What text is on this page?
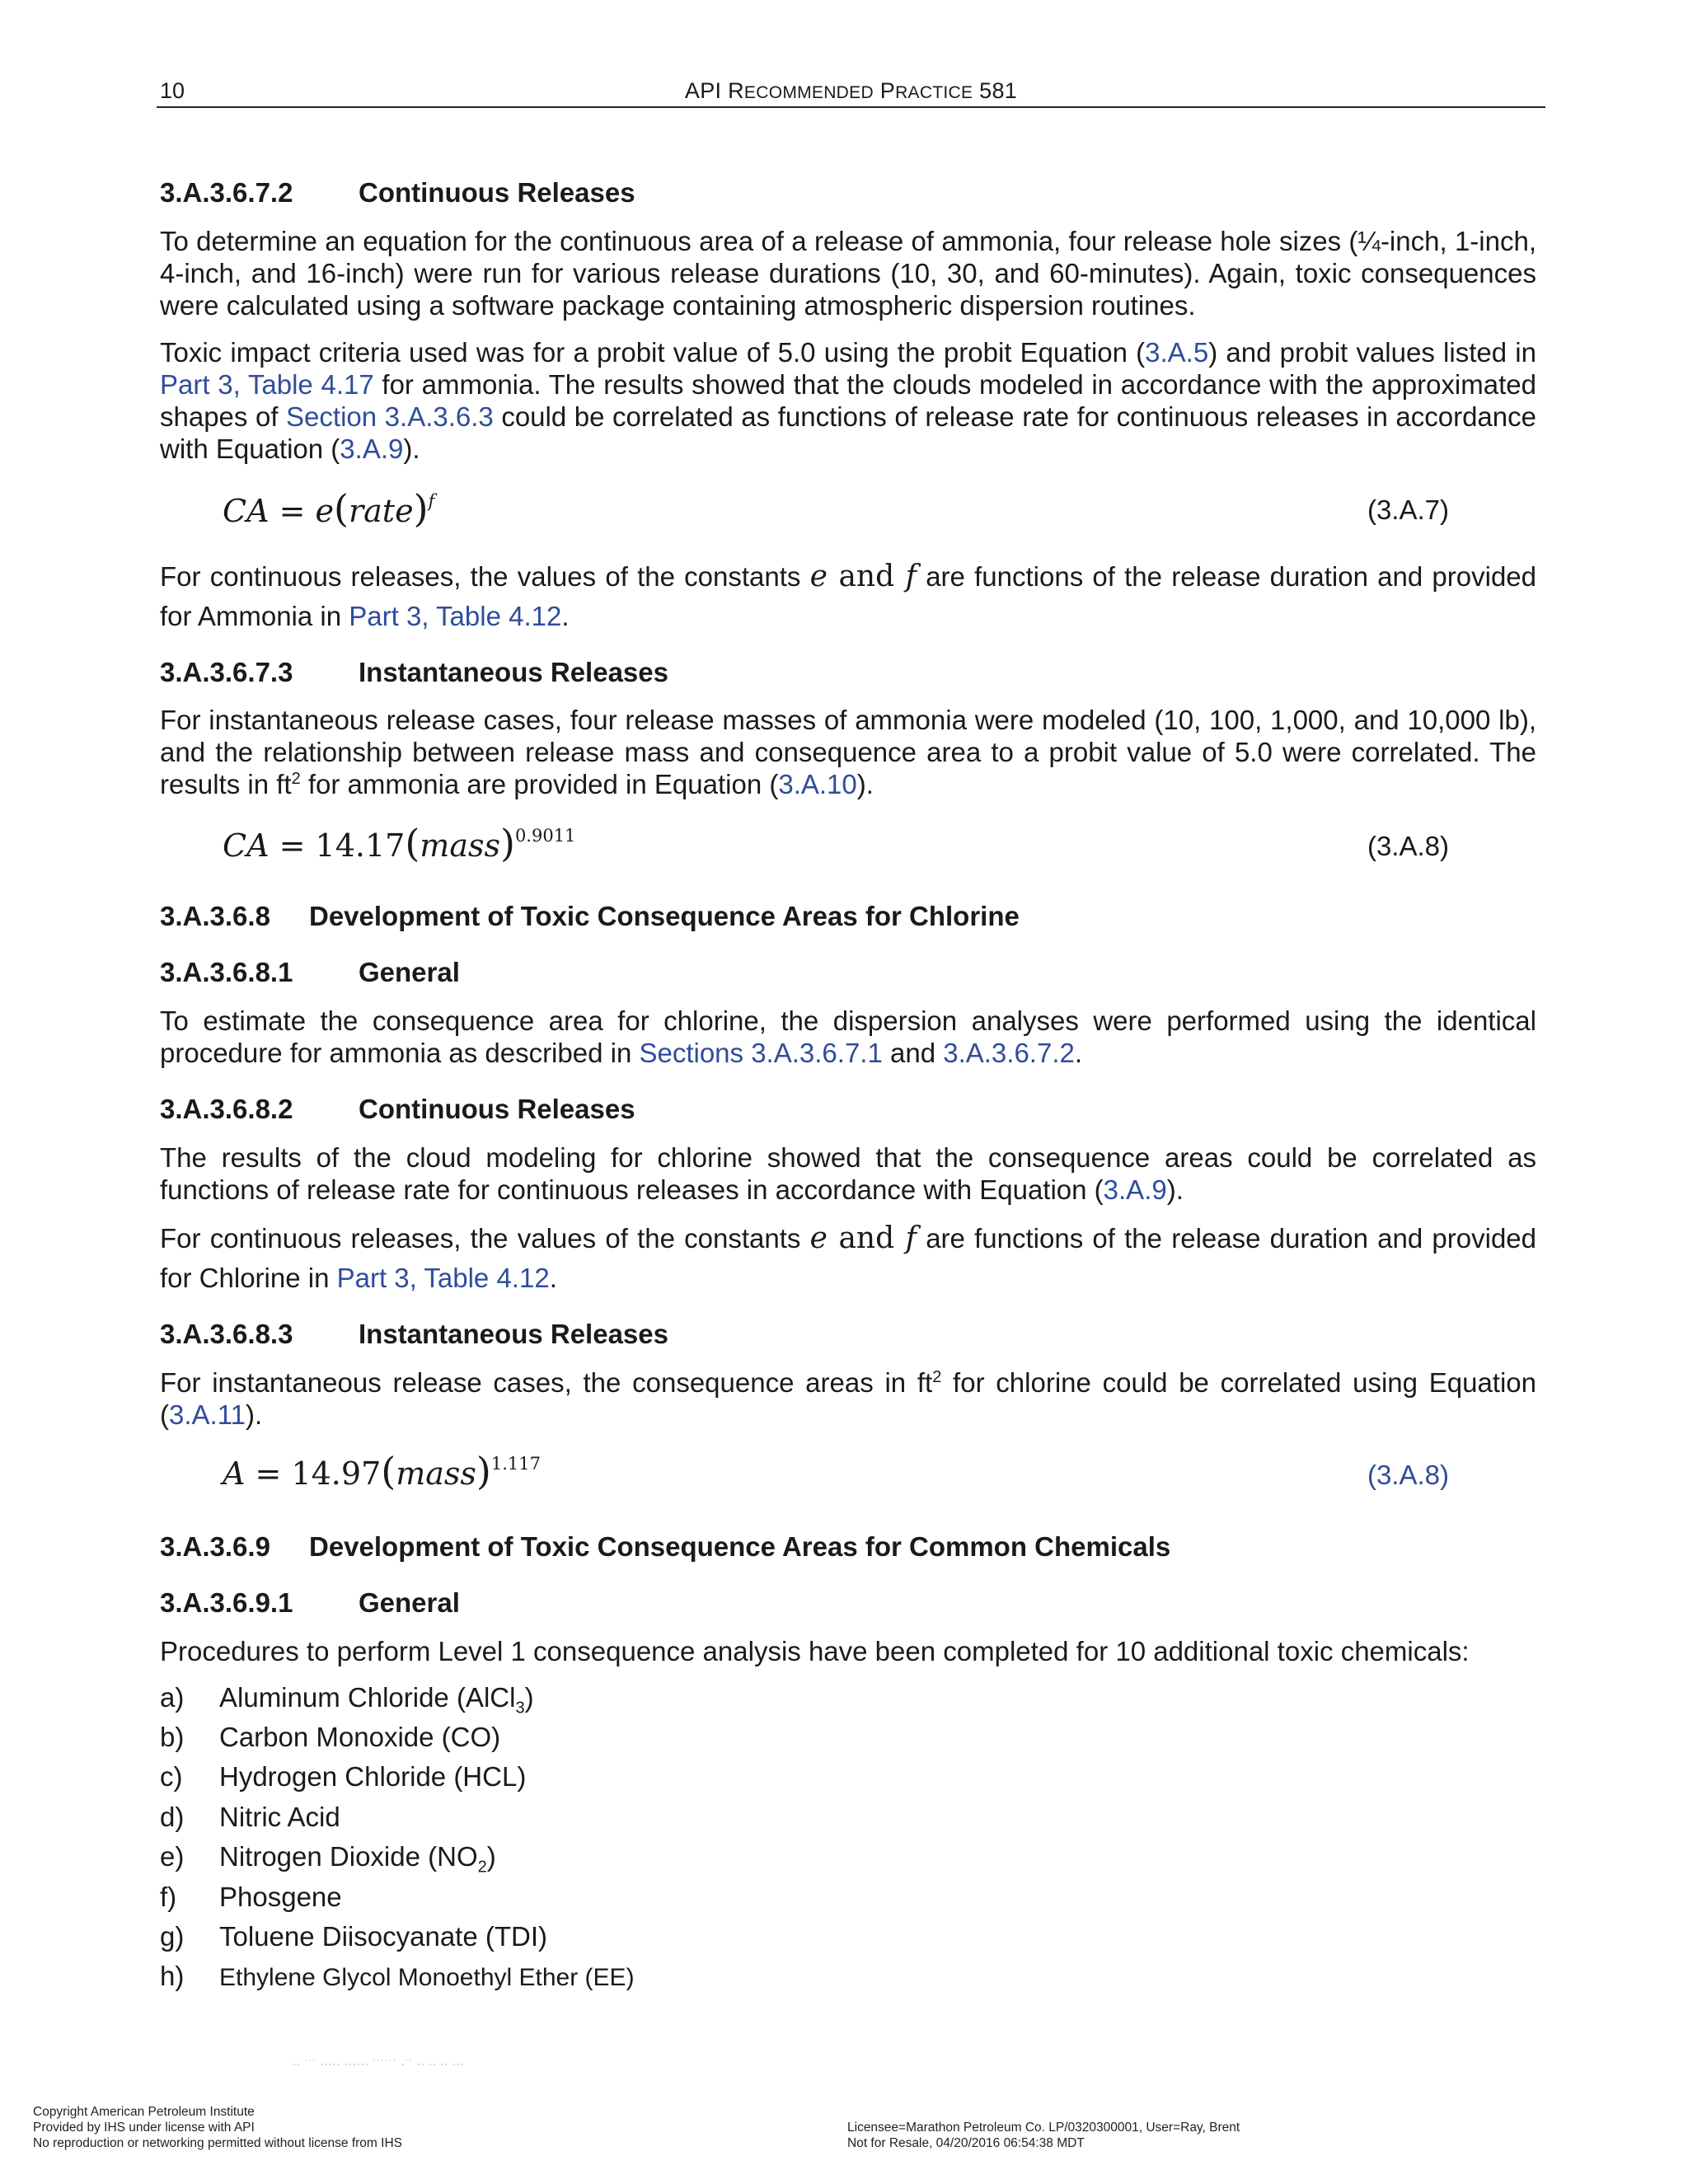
10	API RECOMMENDED PRACTICE 581
3.A.3.6.7.2 Continuous Releases
To determine an equation for the continuous area of a release of ammonia, four release hole sizes (¼-inch, 1-inch, 4-inch, and 16-inch) were run for various release durations (10, 30, and 60-minutes). Again, toxic consequences were calculated using a software package containing atmospheric dispersion routines.
Toxic impact criteria used was for a probit value of 5.0 using the probit Equation (3.A.5) and probit values listed in Part 3, Table 4.17 for ammonia. The results showed that the clouds modeled in accordance with the approximated shapes of Section 3.A.3.6.3 could be correlated as functions of release rate for continuous releases in accordance with Equation (3.A.9).
CA = e(rate)$^f$	(3.A.7)
For continuous releases, the values of the constants e and f are functions of the release duration and provided for Ammonia in Part 3, Table 4.12.
3.A.3.6.7.3 Instantaneous Releases
For instantaneous release cases, four release masses of ammonia were modeled (10, 100, 1,000, and 10,000 lb), and the relationship between release mass and consequence area to a probit value of 5.0 were correlated. The results in $ft^2$ for ammonia are provided in Equation (3.A.10).
CA = 14.17(mass)$^{0.9011}$	(3.A.8)
3.A.3.6.8 Development of Toxic Consequence Areas for Chlorine
3.A.3.6.8.1 General
To estimate the consequence area for chlorine, the dispersion analyses were performed using the identical procedure for ammonia as described in Sections 3.A.3.6.7.1 and 3.A.3.6.7.2.
3.A.3.6.8.2 Continuous Releases
The results of the cloud modeling for chlorine showed that the consequence areas could be correlated as functions of release rate for continuous releases in accordance with Equation (3.A.9).
For continuous releases, the values of the constants e and f are functions of the release duration and provided for Chlorine in Part 3, Table 4.12.
3.A.3.6.8.3 Instantaneous Releases
For instantaneous release cases, the consequence areas in $ft^2$ for chlorine could be correlated using Equation (3.A.11).
A = 14.97(mass)$^{1.117}$	(3.A.8)
3.A.3.6.9 Development of Toxic Consequence Areas for Common Chemicals
3.A.3.6.9.1 General
Procedures to perform Level 1 consequence analysis have been completed for 10 additional toxic chemicals:
a) Aluminum Chloride (AlCl$_3$)
b) Carbon Monoxide (CO)
c) Hydrogen Chloride (HCL)
d) Nitric Acid
e) Nitrogen Dioxide $(NO_2)$
f) Phosgene
g) Toluene Diisocyanate (TDI)
h) Ethylene Glycol Monoethyl Ether (EE)
·· ˙˙˙ ····· ······ ˙˙˙˙˙˙ ·˙˙ ·· ·· ·· ···
Copyright American Petroleum Institute
Provided by IHS under license with API
No reproduction or networking permitted without license from IHS
Licensee=Marathon Petroleum Co. LP/0320300001, User=Ray, Brent
Not for Resale, 04/20/2016 06:54:38 MDT
